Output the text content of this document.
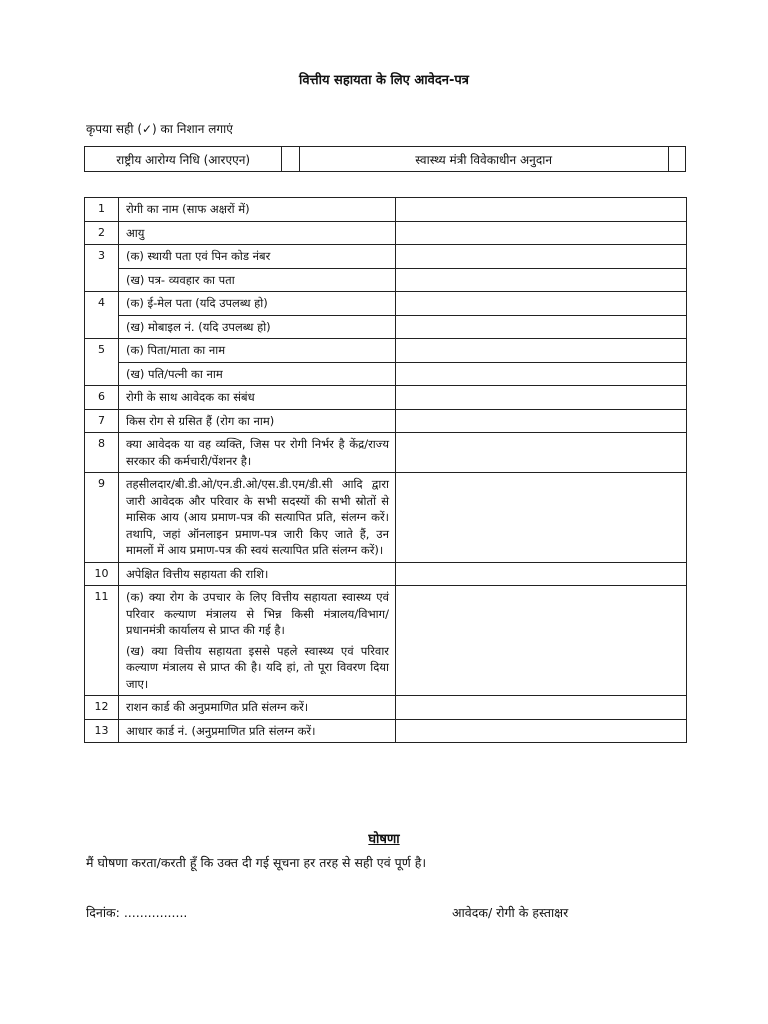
वित्तीय सहायता के लिए आवेदन-पत्र
कृपया सही (✓) का निशान लगाएं
राष्ट्रीय आरोग्य निधि (आरएएन)		स्वास्थ्य मंत्री विवेकाधीन अनुदान	
1	रोगी का नाम (साफ अक्षरों में)	

2	आयु	

3	(क) स्थायी पता एवं पिन कोड नंबर	
	(ख) पत्र- व्यवहार का पता	
4	(क) ई-मेल पता (यदि उपलब्ध हो)	
	(ख) मोबाइल नं. (यदि उपलब्ध हो)	
5	(क) पिता/माता का नाम	
	(ख) पति/पत्नी का नाम	
6	रोगी के साथ आवेदक का संबंध	

7	किस रोग से ग्रसित हैं (रोग का नाम)	

8	क्या आवेदक या वह व्यक्ति, जिस पर रोगी निर्भर है केंद्र/राज्य सरकार की कर्मचारी/पेंशनर है।	

9	तहसीलदार/बी.डी.ओ/एन.डी.ओ/एस.डी.एम/डी.सी आदि द्वारा जारी आवेदक और परिवार के सभी सदस्यों की सभी स्रोतों से मासिक आय (आय प्रमाण-पत्र की सत्यापित प्रति, संलग्न करें। तथापि, जहां ऑनलाइन प्रमाण-पत्र जारी किए जाते हैं, उन मामलों में आय प्रमाण-पत्र की स्वयं सत्यापित प्रति संलग्न करें)।	

10	अपेक्षित वित्तीय सहायता की राशि।	

11	(क) क्या रोग के उपचार के लिए वित्तीय सहायता स्वास्थ्य एवं परिवार कल्याण मंत्रालय से भिन्न किसी मंत्रालय/विभाग/प्रधानमंत्री कार्यालय से प्राप्त की गई है।

(ख) क्या वित्तीय सहायता इससे पहले स्वास्थ्य एवं परिवार कल्याण मंत्रालय से प्राप्त की है। यदि हां, तो पूरा विवरण दिया जाए।	

12	राशन कार्ड की अनुप्रमाणित प्रति संलग्न करें।	

13	आधार कार्ड नं. (अनुप्रमाणित प्रति संलग्न करें।	

घोषणा
मैं घोषणा करता/करती हूँ कि उक्त दी गई सूचना हर तरह से सही एवं पूर्ण है।
दिनांक: ................	आवेदक/ रोगी के हस्ताक्षर
